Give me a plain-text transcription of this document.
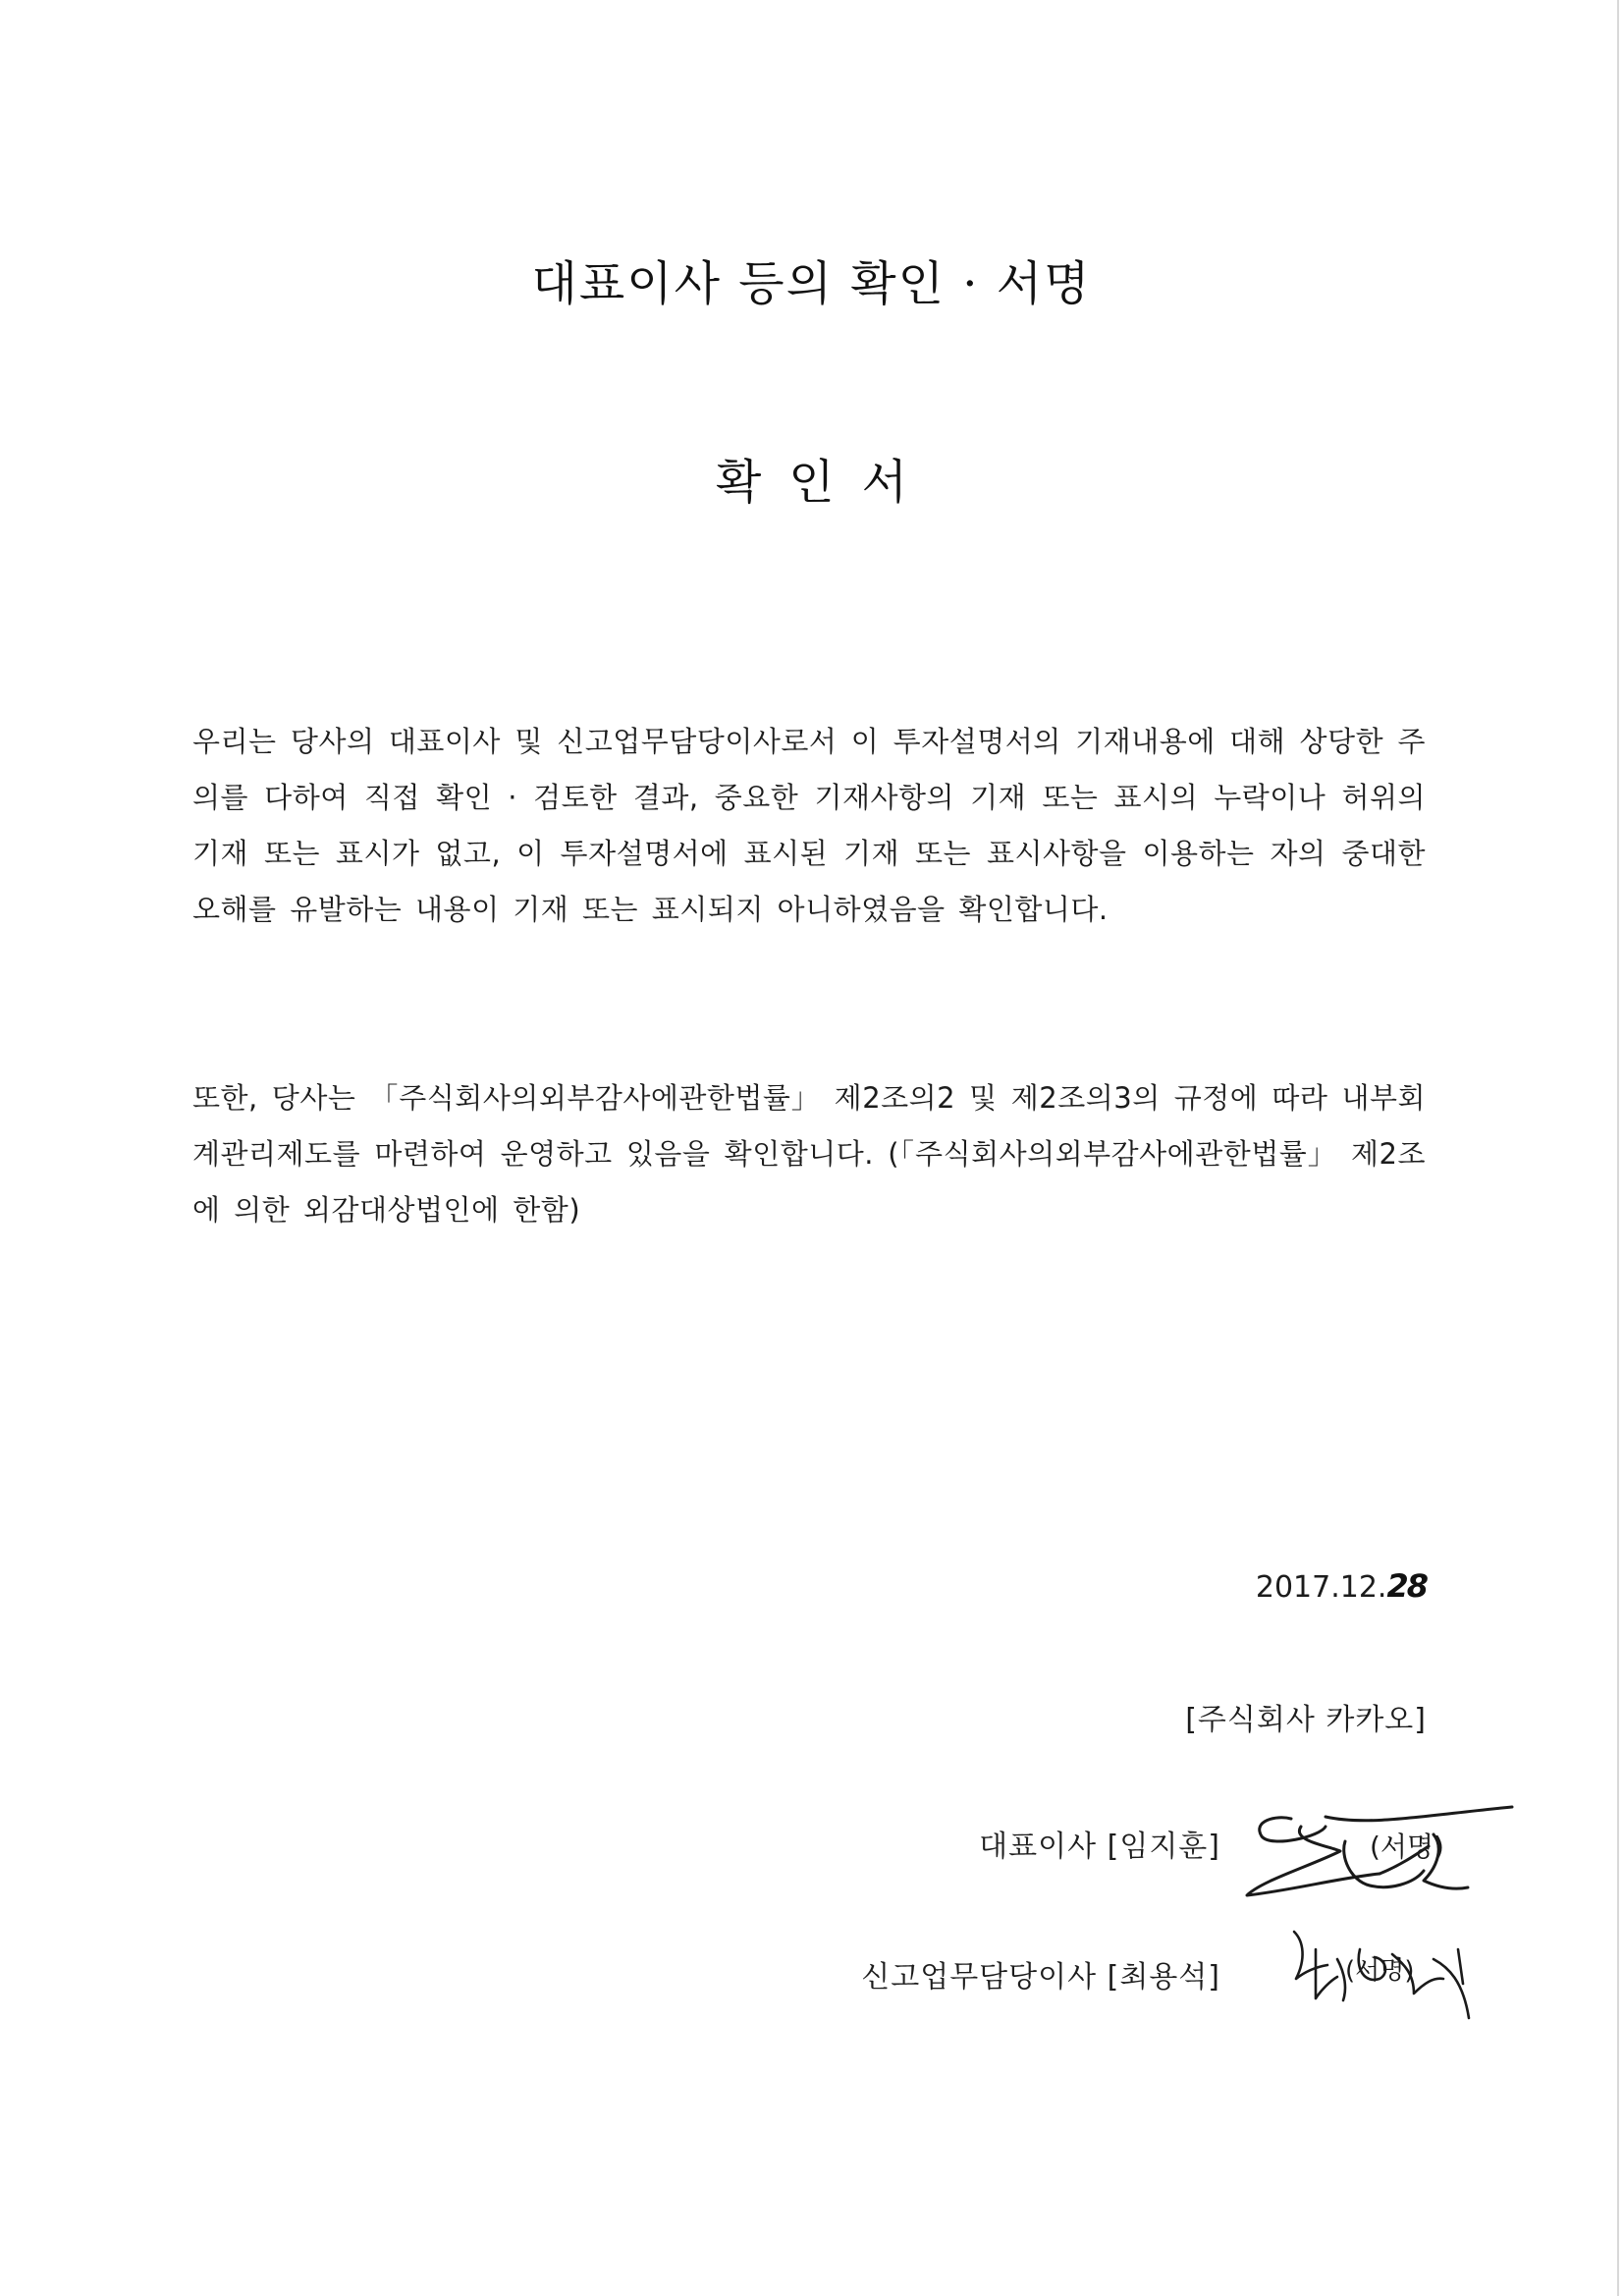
대표이사 등의 확인 · 서명
확인서

우리는 당사의 대표이사 및 신고업무담당이사로서 이 투자설명서의 기재내용에 대해 상당한 주의를 다하여 직접 확인 · 검토한 결과, 중요한 기재사항의 기재 또는 표시의 누락이나 허위의 기재 또는 표시가 없고, 이 투자설명서에 표시된 기재 또는 표시사항을 이용하는 자의 중대한 오해를 유발하는 내용이 기재 또는 표시되지 아니하였음을 확인합니다.

또한, 당사는 「주식회사의외부감사에관한법률」 제2조의2 및 제2조의3의 규정에 따라 내부회계관리제도를 마련하여 운영하고 있음을 확인합니다. (「주식회사의외부감사에관한법률」 제2조에 의한 외감대상법인에 한함)

2017.12.28
[주식회사 카카오]
대표이사 [임지훈]
신고업무담당이사 [최용석]
(서명)
(서명)
